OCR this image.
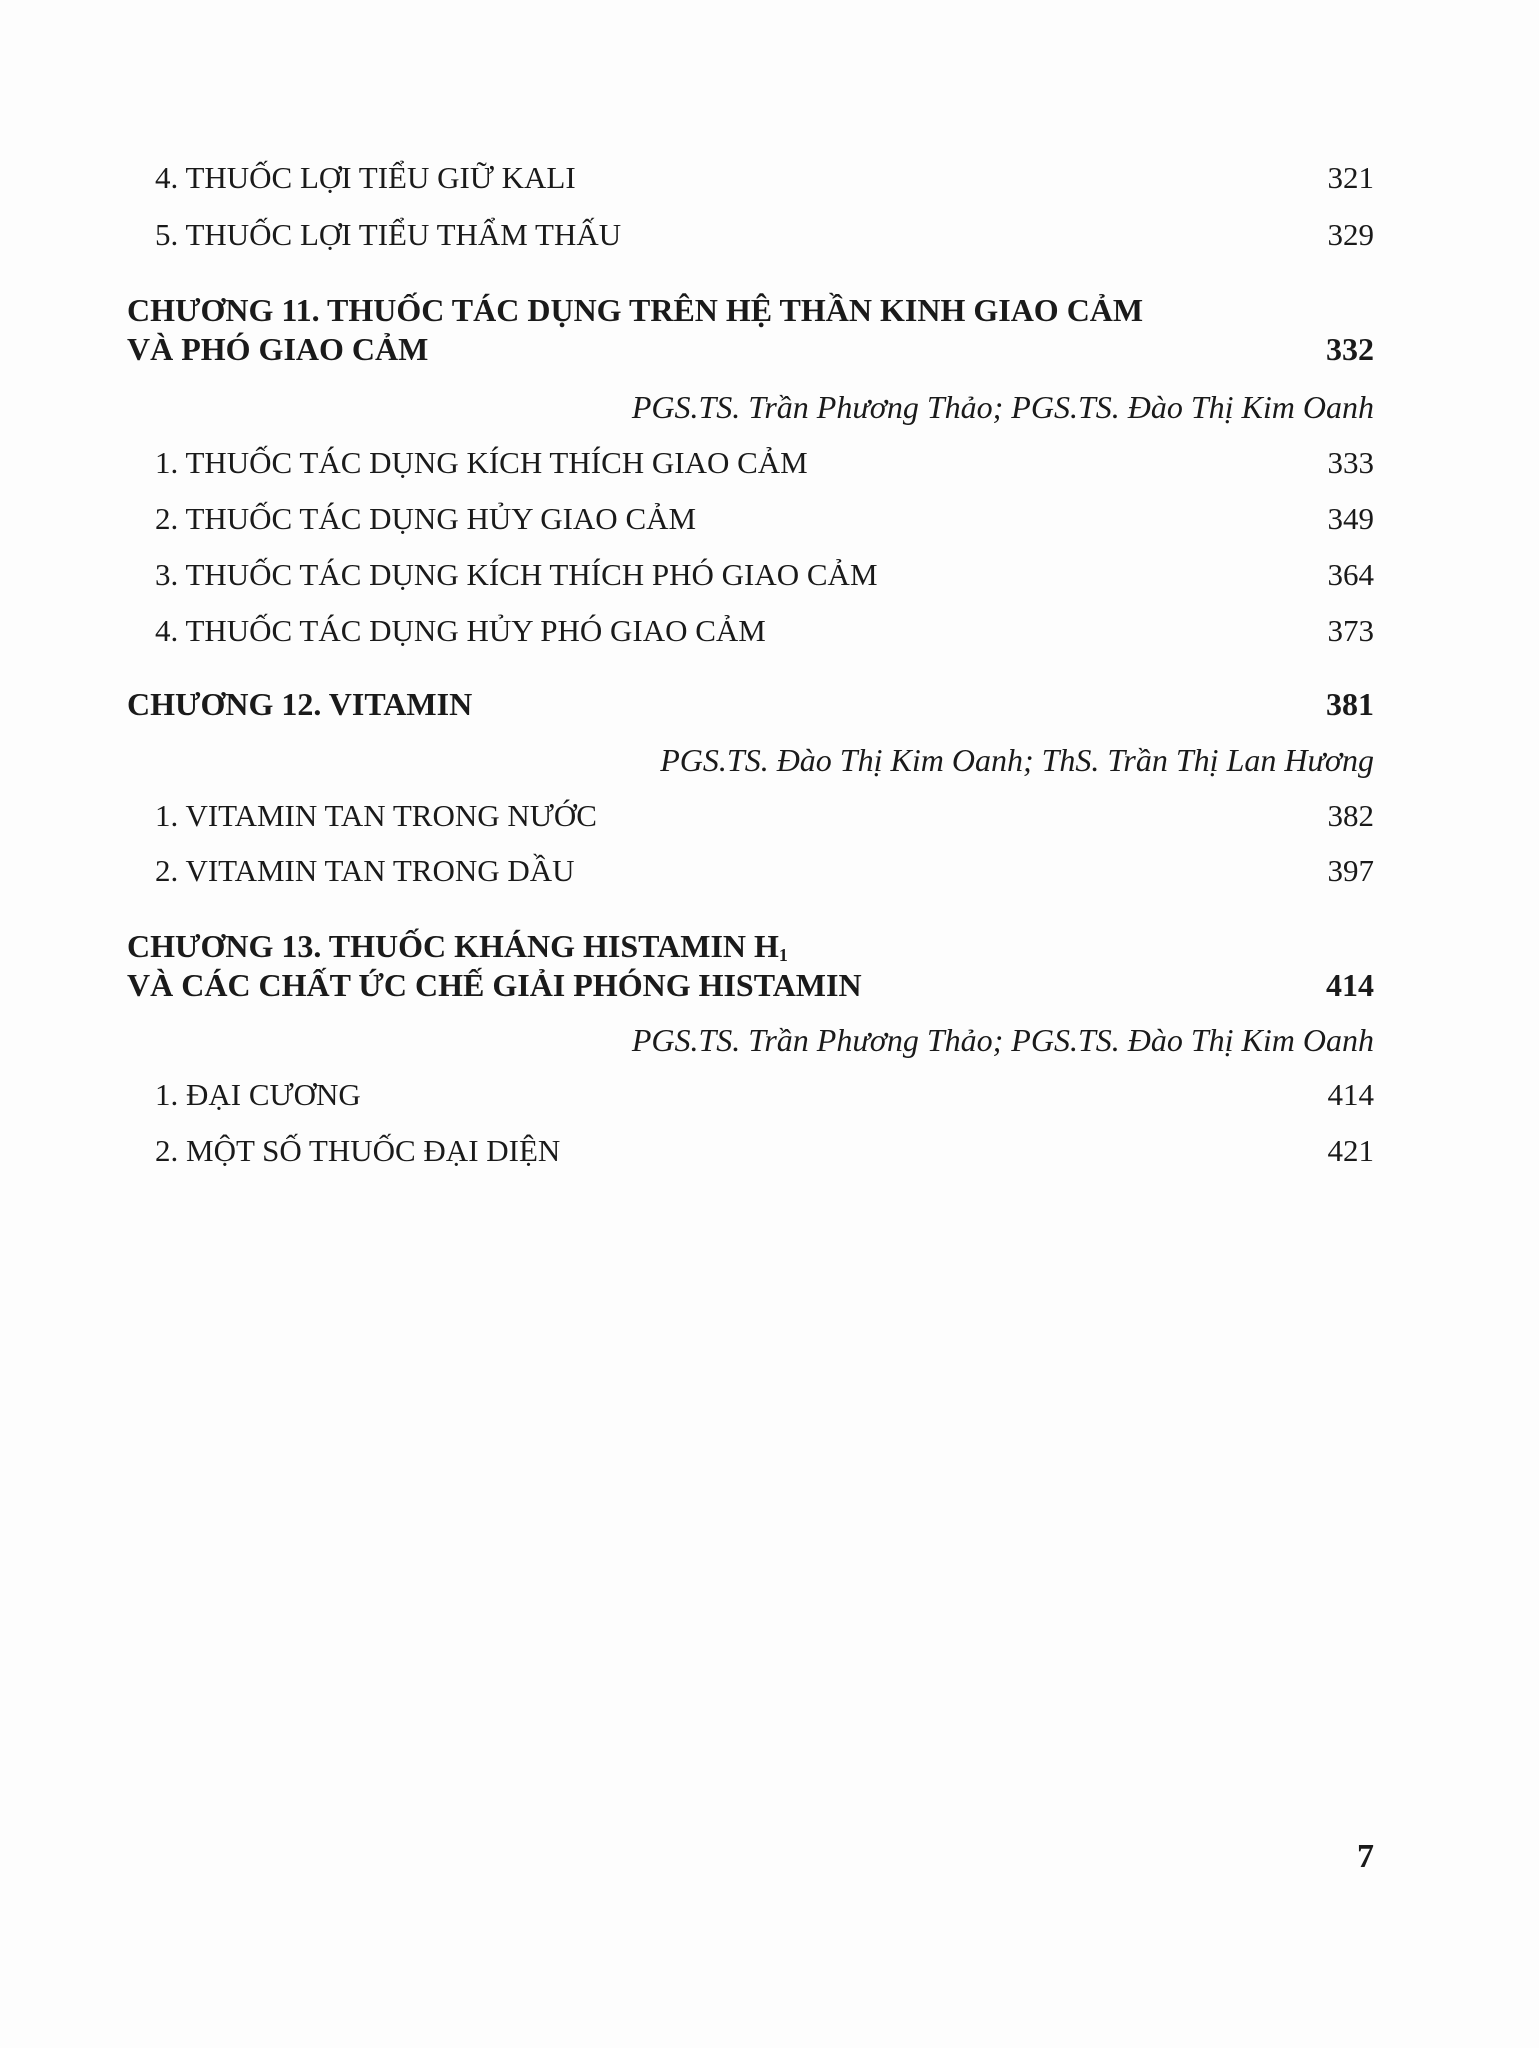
4. THUỐC LỢI TIỂU GIỮ KALI	321
5. THUỐC LỢI TIỂU THẨM THẤU	329
CHƯƠNG 11. THUỐC TÁC DỤNG TRÊN HỆ THẦN KINH GIAO CẢM
VÀ PHÓ GIAO CẢM	332
PGS.TS. Trần Phương Thảo; PGS.TS. Đào Thị Kim Oanh
1. THUỐC TÁC DỤNG KÍCH THÍCH GIAO CẢM	333
2. THUỐC TÁC DỤNG HỦY GIAO CẢM	349
3. THUỐC TÁC DỤNG KÍCH THÍCH PHÓ GIAO CẢM	364
4. THUỐC TÁC DỤNG HỦY PHÓ GIAO CẢM	373
CHƯƠNG 12. VITAMIN	381
PGS.TS. Đào Thị Kim Oanh; ThS. Trần Thị Lan Hương
1. VITAMIN TAN TRONG NƯỚC	382
2. VITAMIN TAN TRONG DẦU	397
CHƯƠNG 13. THUỐC KHÁNG HISTAMIN $H_1$
VÀ CÁC CHẤT ỨC CHẾ GIẢI PHÓNG HISTAMIN	414
PGS.TS. Trần Phương Thảo; PGS.TS. Đào Thị Kim Oanh
1. ĐẠI CƯƠNG	414
2. MỘT SỐ THUỐC ĐẠI DIỆN	421
7
